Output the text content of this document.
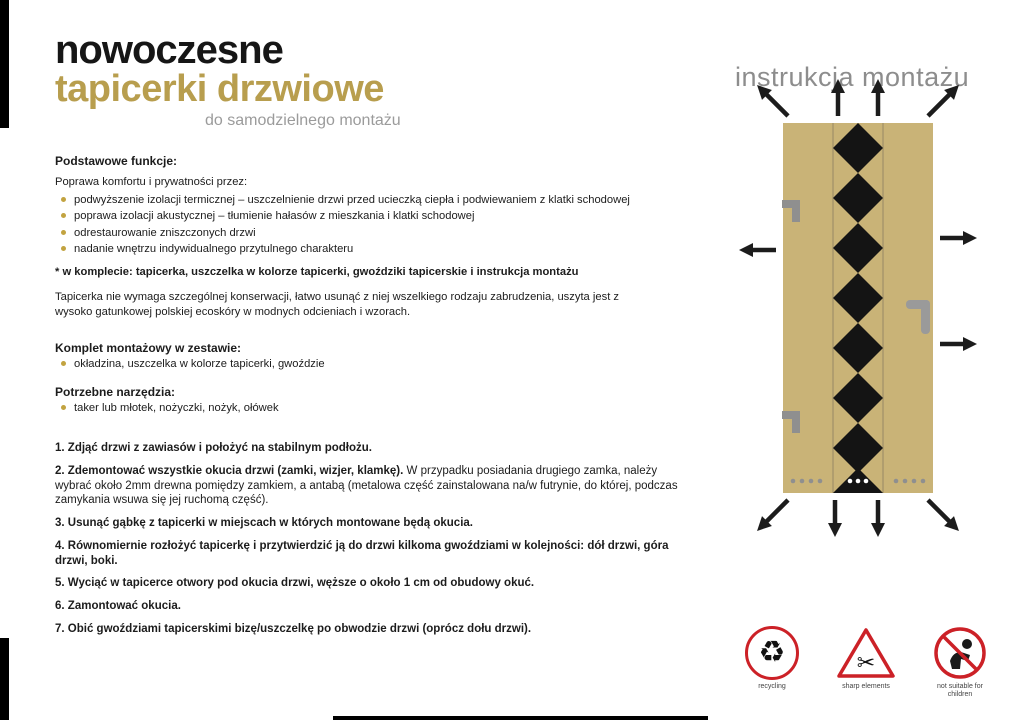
nowoczesne
tapicerki drzwiowe
do samodzielnego montażu

Podstawowe funkcje:

Poprawa komfortu i prywatności przez:

podwyższenie izolacji termicznej – uszczelnienie drzwi przed ucieczką ciepła i podwiewaniem z klatki schodowej
poprawa izolacji akustycznej – tłumienie hałasów z mieszkania i klatki schodowej
odrestaurowanie zniszczonych drzwi
nadanie wnętrzu indywidualnego przytulnego charakteru

* w komplecie: tapicerka, uszczelka w kolorze tapicerki, gwoździki tapicerskie i instrukcja montażu

Tapicerka nie wymaga szczególnej konserwacji, łatwo usunąć z niej wszelkiego rodzaju zabrudzenia, uszyta jest z wysoko gatunkowej polskiej ecoskóry w modnych odcieniach i wzorach.

Komplet montażowy w zestawie:

okładzina, uszczelka w kolorze tapicerki, gwoździe

Potrzebne narzędzia:

taker lub młotek, nożyczki, nożyk, ołówek

1. Zdjąć drzwi z zawiasów i położyć na stabilnym podłożu.

2. Zdemontować wszystkie okucia drzwi (zamki, wizjer, klamkę). W przypadku posiadania drugiego zamka, należy wybrać około 2mm drewna pomiędzy zamkiem, a antabą (metalowa część zainstalowana na/w futrynie, do której, podczas zamykania wsuwa się jej ruchomą część).

3. Usunąć gąbkę z tapicerki w miejscach w których montowane będą okucia.

4. Równomiernie rozłożyć tapicerkę i przytwierdzić ją do drzwi kilkoma gwoździami w kolejności: dół drzwi, góra drzwi, boki.

5. Wyciąć w tapicerce otwory pod okucia drzwi, węższe o około 1 cm od obudowy okuć.

6. Zamontować okucia.

7. Obić gwoździami tapicerskimi bizę/uszczelkę po obwodzie drzwi (oprócz dołu drzwi).

instrukcja montażu
♻
recycling
✂
sharp elements	not suitable for children
